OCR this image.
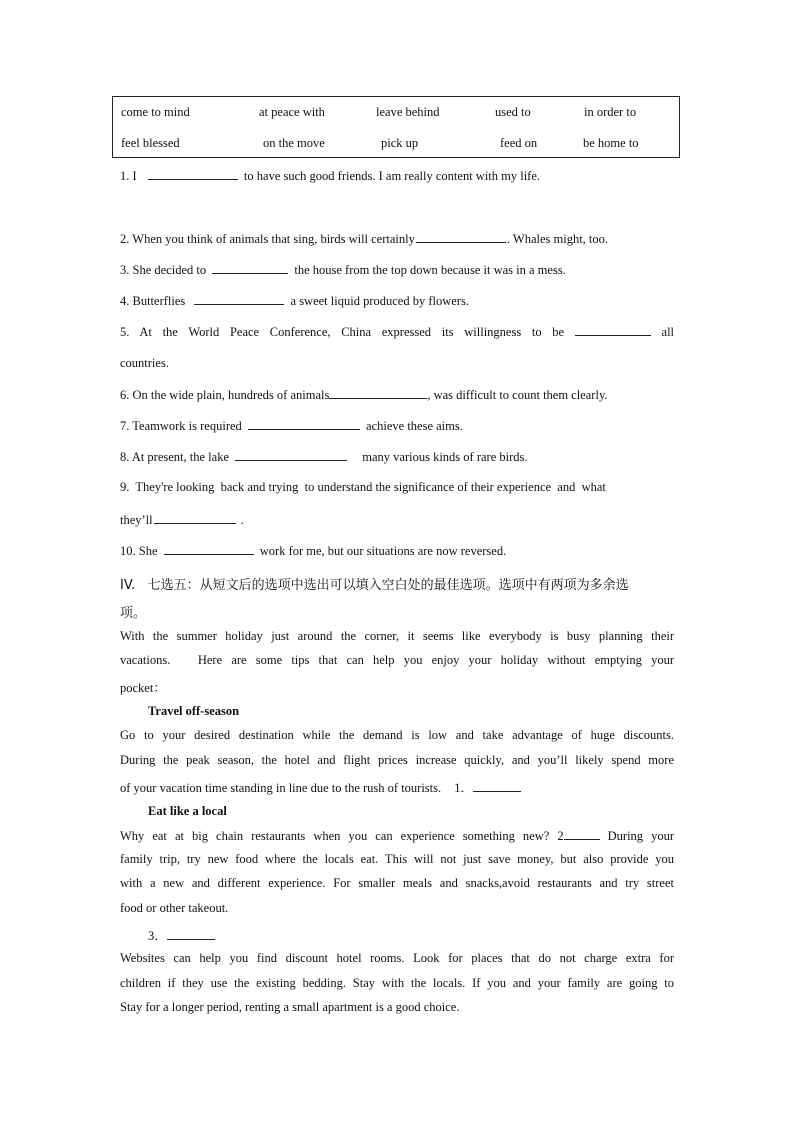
come to mind	at peace with	leave behind	used to	in order to
feel blessed	on the move	pick up	feed on	be home to
1. I	to have such good friends. I am really content with my life.
2. When you think of animals that sing, birds will certainly	. Whales might, too.
3. She decided to	the house from the top down because it was in a mess.
4. Butterflies	a sweet liquid produced by flowers.
5. At the World Peace Conference, China expressed its willingness to be	all
countries.
6. On the wide plain, hundreds of animals	, was difficult to count them clearly.
7. Teamwork is required	achieve these aims.
8. At present, the lake	many various kinds of rare birds.
9.  They're looking  back and trying  to understand the significance of their experience  and  what
they’ll	.
10. She	work for me, but our situations are now reversed.
IV.   七选五：从短文后的选项中选出可以填入空白处的最佳选项。选项中有两项为多余选
项。
With the summer holiday just around the corner, it seems like everybody is busy planning their
vacations.   Here are some tips that can help you enjoy your holiday without emptying your
pocket：
Travel off-season
Go to your desired destination while the demand is low and take advantage of huge discounts.
During the peak season, the hotel and flight prices increase quickly, and you’ll likely spend more
of your vacation time standing in line due to the rush of tourists. 1．
Eat like a local
Why eat at big chain restaurants when you can experience something new? 2	During your
family trip, try new food where the locals eat. This will not just save money, but also provide you
with a new and different experience. For smaller meals and snacks,avoid restaurants and try street
food or other takeout.
3．
Websites can help you find discount hotel rooms. Look for places that do not charge extra for
children if they use the existing bedding. Stay with the locals. If you and your family are going to
Stay for a longer period, renting a small apartment is a good choice.
